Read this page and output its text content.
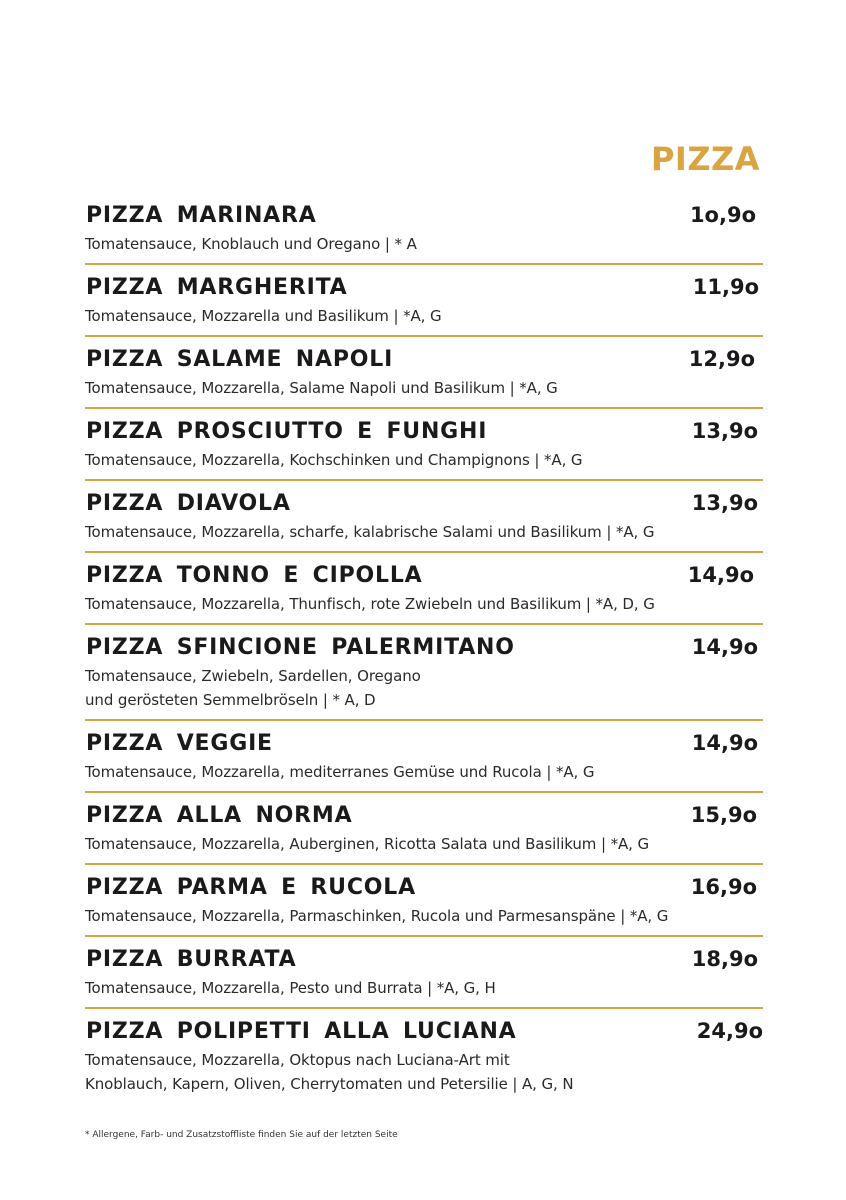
PIZZA
PIZZA MARINARA	1o,9o
Tomatensauce, Knoblauch und Oregano | * A
PIZZA MARGHERITA	11,9o
Tomatensauce, Mozzarella und Basilikum | *A, G
PIZZA SALAME NAPOLI	12,9o
Tomatensauce, Mozzarella, Salame Napoli und Basilikum | *A, G
PIZZA PROSCIUTTO E FUNGHI	13,9o
Tomatensauce, Mozzarella, Kochschinken und Champignons | *A, G
PIZZA DIAVOLA	13,9o
Tomatensauce, Mozzarella, scharfe, kalabrische Salami und Basilikum | *A, G
PIZZA TONNO E CIPOLLA	14,9o
Tomatensauce, Mozzarella, Thunfisch, rote Zwiebeln und Basilikum | *A, D, G
PIZZA SFINCIONE PALERMITANO	14,9o
Tomatensauce, Zwiebeln, Sardellen, Oregano
und gerösteten Semmelbröseln | * A, D
PIZZA VEGGIE	14,9o
Tomatensauce, Mozzarella, mediterranes Gemüse und Rucola | *A, G
PIZZA ALLA NORMA	15,9o
Tomatensauce, Mozzarella, Auberginen, Ricotta Salata und Basilikum | *A, G
PIZZA PARMA E RUCOLA	16,9o
Tomatensauce, Mozzarella, Parmaschinken, Rucola und Parmesanspäne | *A, G
PIZZA BURRATA	18,9o
Tomatensauce, Mozzarella, Pesto und Burrata | *A, G, H
PIZZA POLIPETTI ALLA LUCIANA	24,9o
Tomatensauce, Mozzarella, Oktopus nach Luciana-Art mit
Knoblauch, Kapern, Oliven, Cherrytomaten und Petersilie | A, G, N
* Allergene, Farb- und Zusatzstoffliste finden Sie auf der letzten Seite
